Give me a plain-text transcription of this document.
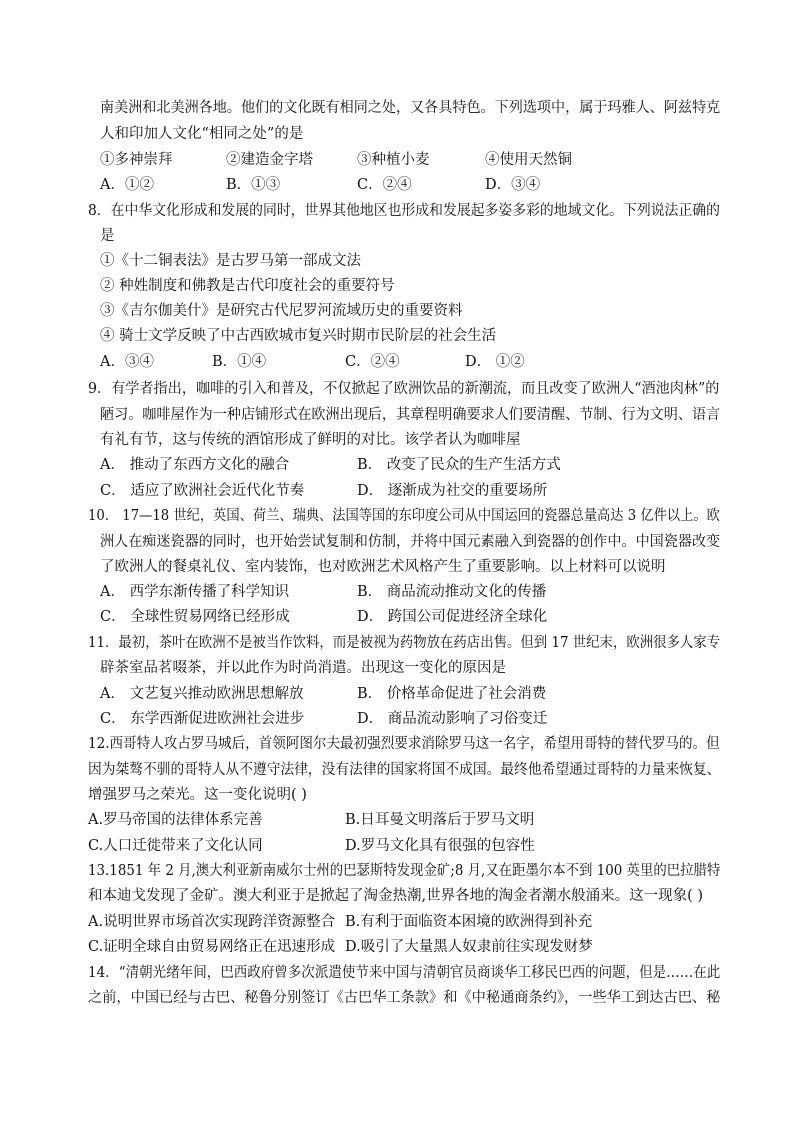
南美洲和北美洲各地。他们的文化既有相同之处，又各具特色。下列选项中，属于玛雅人、阿兹特克
人和印加人文化“相同之处”的是
①多神崇拜	②建造金字塔	③种植小麦	④使用天然铜
A．①②	B．①③	C．②④	D．③④
8．在中华文化形成和发展的同时，世界其他地区也形成和发展起多姿多彩的地域文化。下列说法正确的
是
①《十二铜表法》是古罗马第一部成文法
② 种姓制度和佛教是古代印度社会的重要符号
③《吉尔伽美什》是研究古代尼罗河流域历史的重要资料
④ 骑士文学反映了中古西欧城市复兴时期市民阶层的社会生活
A．③④	B．①④	C．②④	D． ①②
9．有学者指出，咖啡的引入和普及，不仅掀起了欧洲饮品的新潮流，而且改变了欧洲人“酒池肉林”的
陋习。咖啡屋作为一种店铺形式在欧洲出现后，其章程明确要求人们要清醒、节制、行为文明、语言
有礼有节，这与传统的酒馆形成了鲜明的对比。该学者认为咖啡屋
A． 推动了东西方文化的融合	B． 改变了民众的生产生活方式
C． 适应了欧洲社会近代化节奏	D． 逐渐成为社交的重要场所
10． 17—18 世纪，英国、荷兰、瑞典、法国等国的东印度公司从中国运回的瓷器总量高达 3 亿件以上。欧
洲人在痴迷瓷器的同时，也开始尝试复制和仿制，并将中国元素融入到瓷器的创作中。中国瓷器改变
了欧洲人的餐桌礼仪、室内装饰，也对欧洲艺术风格产生了重要影响。以上材料可以说明
A． 西学东渐传播了科学知识	B． 商品流动推动文化的传播
C． 全球性贸易网络已经形成	D． 跨国公司促进经济全球化
11．最初，茶叶在欧洲不是被当作饮料，而是被视为药物放在药店出售。但到 17 世纪末，欧洲很多人家专
辟茶室品茗啜茶，并以此作为时尚消遣。出现这一变化的原因是
A． 文艺复兴推动欧洲思想解放	B． 价格革命促进了社会消费
C． 东学西渐促进欧洲社会进步	D． 商品流动影响了习俗变迁
12.西哥特人攻占罗马城后，首领阿图尔夫最初强烈要求消除罗马这一名字，希望用哥特的替代罗马的。但
因为桀骜不驯的哥特人从不遵守法律，没有法律的国家将国不成国。最终他希望通过哥特的力量来恢复、
增强罗马之荣光。这一变化说明( )
A.罗马帝国的法律体系完善	B.日耳曼文明落后于罗马文明
C.人口迁徙带来了文化认同	D.罗马文化具有很强的包容性
13.1851 年 2 月,澳大利亚新南威尔士州的巴瑟斯特发现金矿;8 月,又在距墨尔本不到 100 英里的巴拉腊特
和本迪戈发现了金矿。澳大利亚于是掀起了淘金热潮,世界各地的淘金者潮水般涌来。这一现象( )
A.说明世界市场首次实现跨洋资源整合 B.有利于面临资本困境的欧洲得到补充
C.证明全球自由贸易网络正在迅速形成 D.吸引了大量黑人奴隶前往实现发财梦
14．“清朝光绪年间，巴西政府曾多次派遣使节来中国与清朝官员商谈华工移民巴西的问题，但是……在此
之前，中国已经与古巴、秘鲁分别签订《古巴华工条款》和《中秘通商条约》，一些华工到达古巴、秘
